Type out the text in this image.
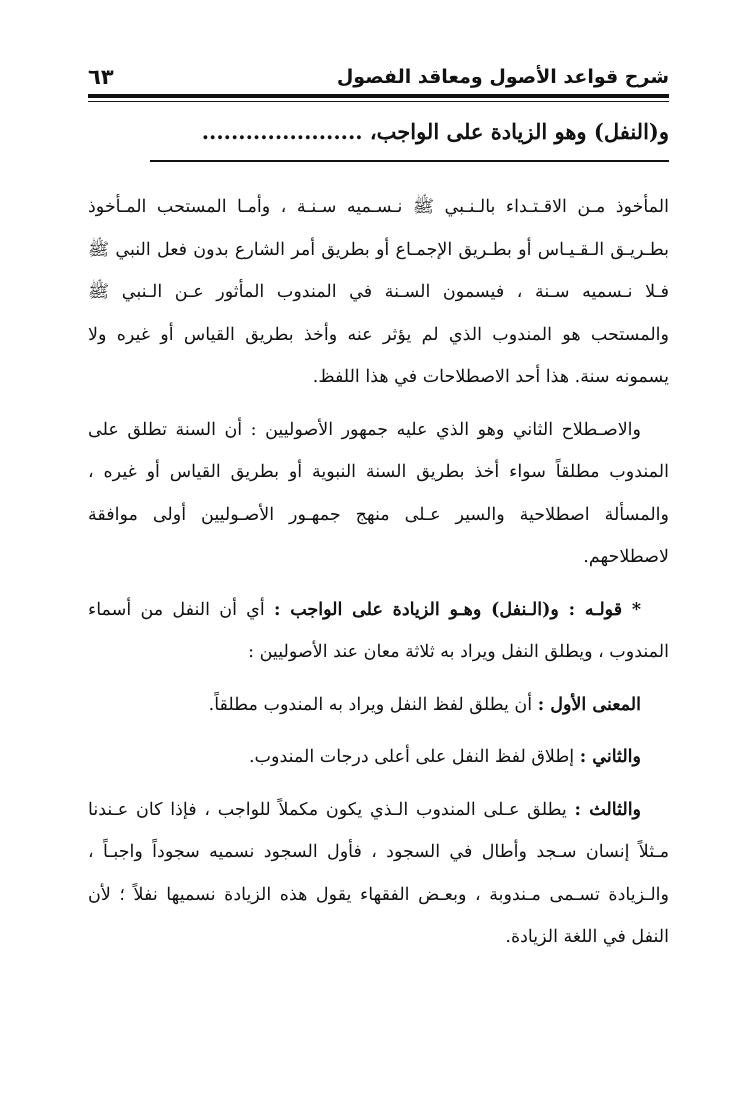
شرح قواعد الأصول ومعاقد الفصول
٦٣
و(النفل) وهو الزيادة على الواجب، ......................

المأخوذ مـن الاقـتـداء بالـنـبي ﷺ نـسـميه سـنـة ، وأمـا المستحب المـأخوذ بطـريـق الـقـيـاس أو بطـريق الإجمـاع أو بطريق أمر الشارع بدون فعل النبي ﷺ فـلا نـسميه سـنة ، فيسمون السـنة في المندوب المأثور عـن الـنبي ﷺ والمستحب هو المندوب الذي لم يؤثر عنه وأخذ بطريق القياس أو غيره ولا يسمونه سنة. هذا أحد الاصطلاحات في هذا اللفظ.

والاصـطلاح الثاني وهو الذي عليه جمهور الأصوليين : أن السنة تطلق على المندوب مطلقاً سواء أخذ بطريق السنة النبوية أو بطريق القياس أو غيره ، والمسألة اصطلاحية والسير عـلى منهج جمهـور الأصـوليين أولى موافقة لاصطلاحهم.

* قولـه : و(الـنفل) وهـو الزيادة على الواجب : أي أن النفل من أسماء المندوب ، ويطلق النفل ويراد به ثلاثة معان عند الأصوليين :

المعنى الأول : أن يطلق لفظ النفل ويراد به المندوب مطلقاً.

والثاني : إطلاق لفظ النفل على أعلى درجات المندوب.

والثالث : يطلق عـلى المندوب الـذي يكون مكملاً للواجب ، فإذا كان عـندنا مـثلاً إنسان سـجد وأطال في السجود ، فأول السجود نسميه سجوداً واجبـاً ، والـزيادة تسـمى مـندوبة ، وبعـض الفقهاء يقول هذه الزيادة نسميها نفلاً ؛ لأن النفل في اللغة الزيادة.
